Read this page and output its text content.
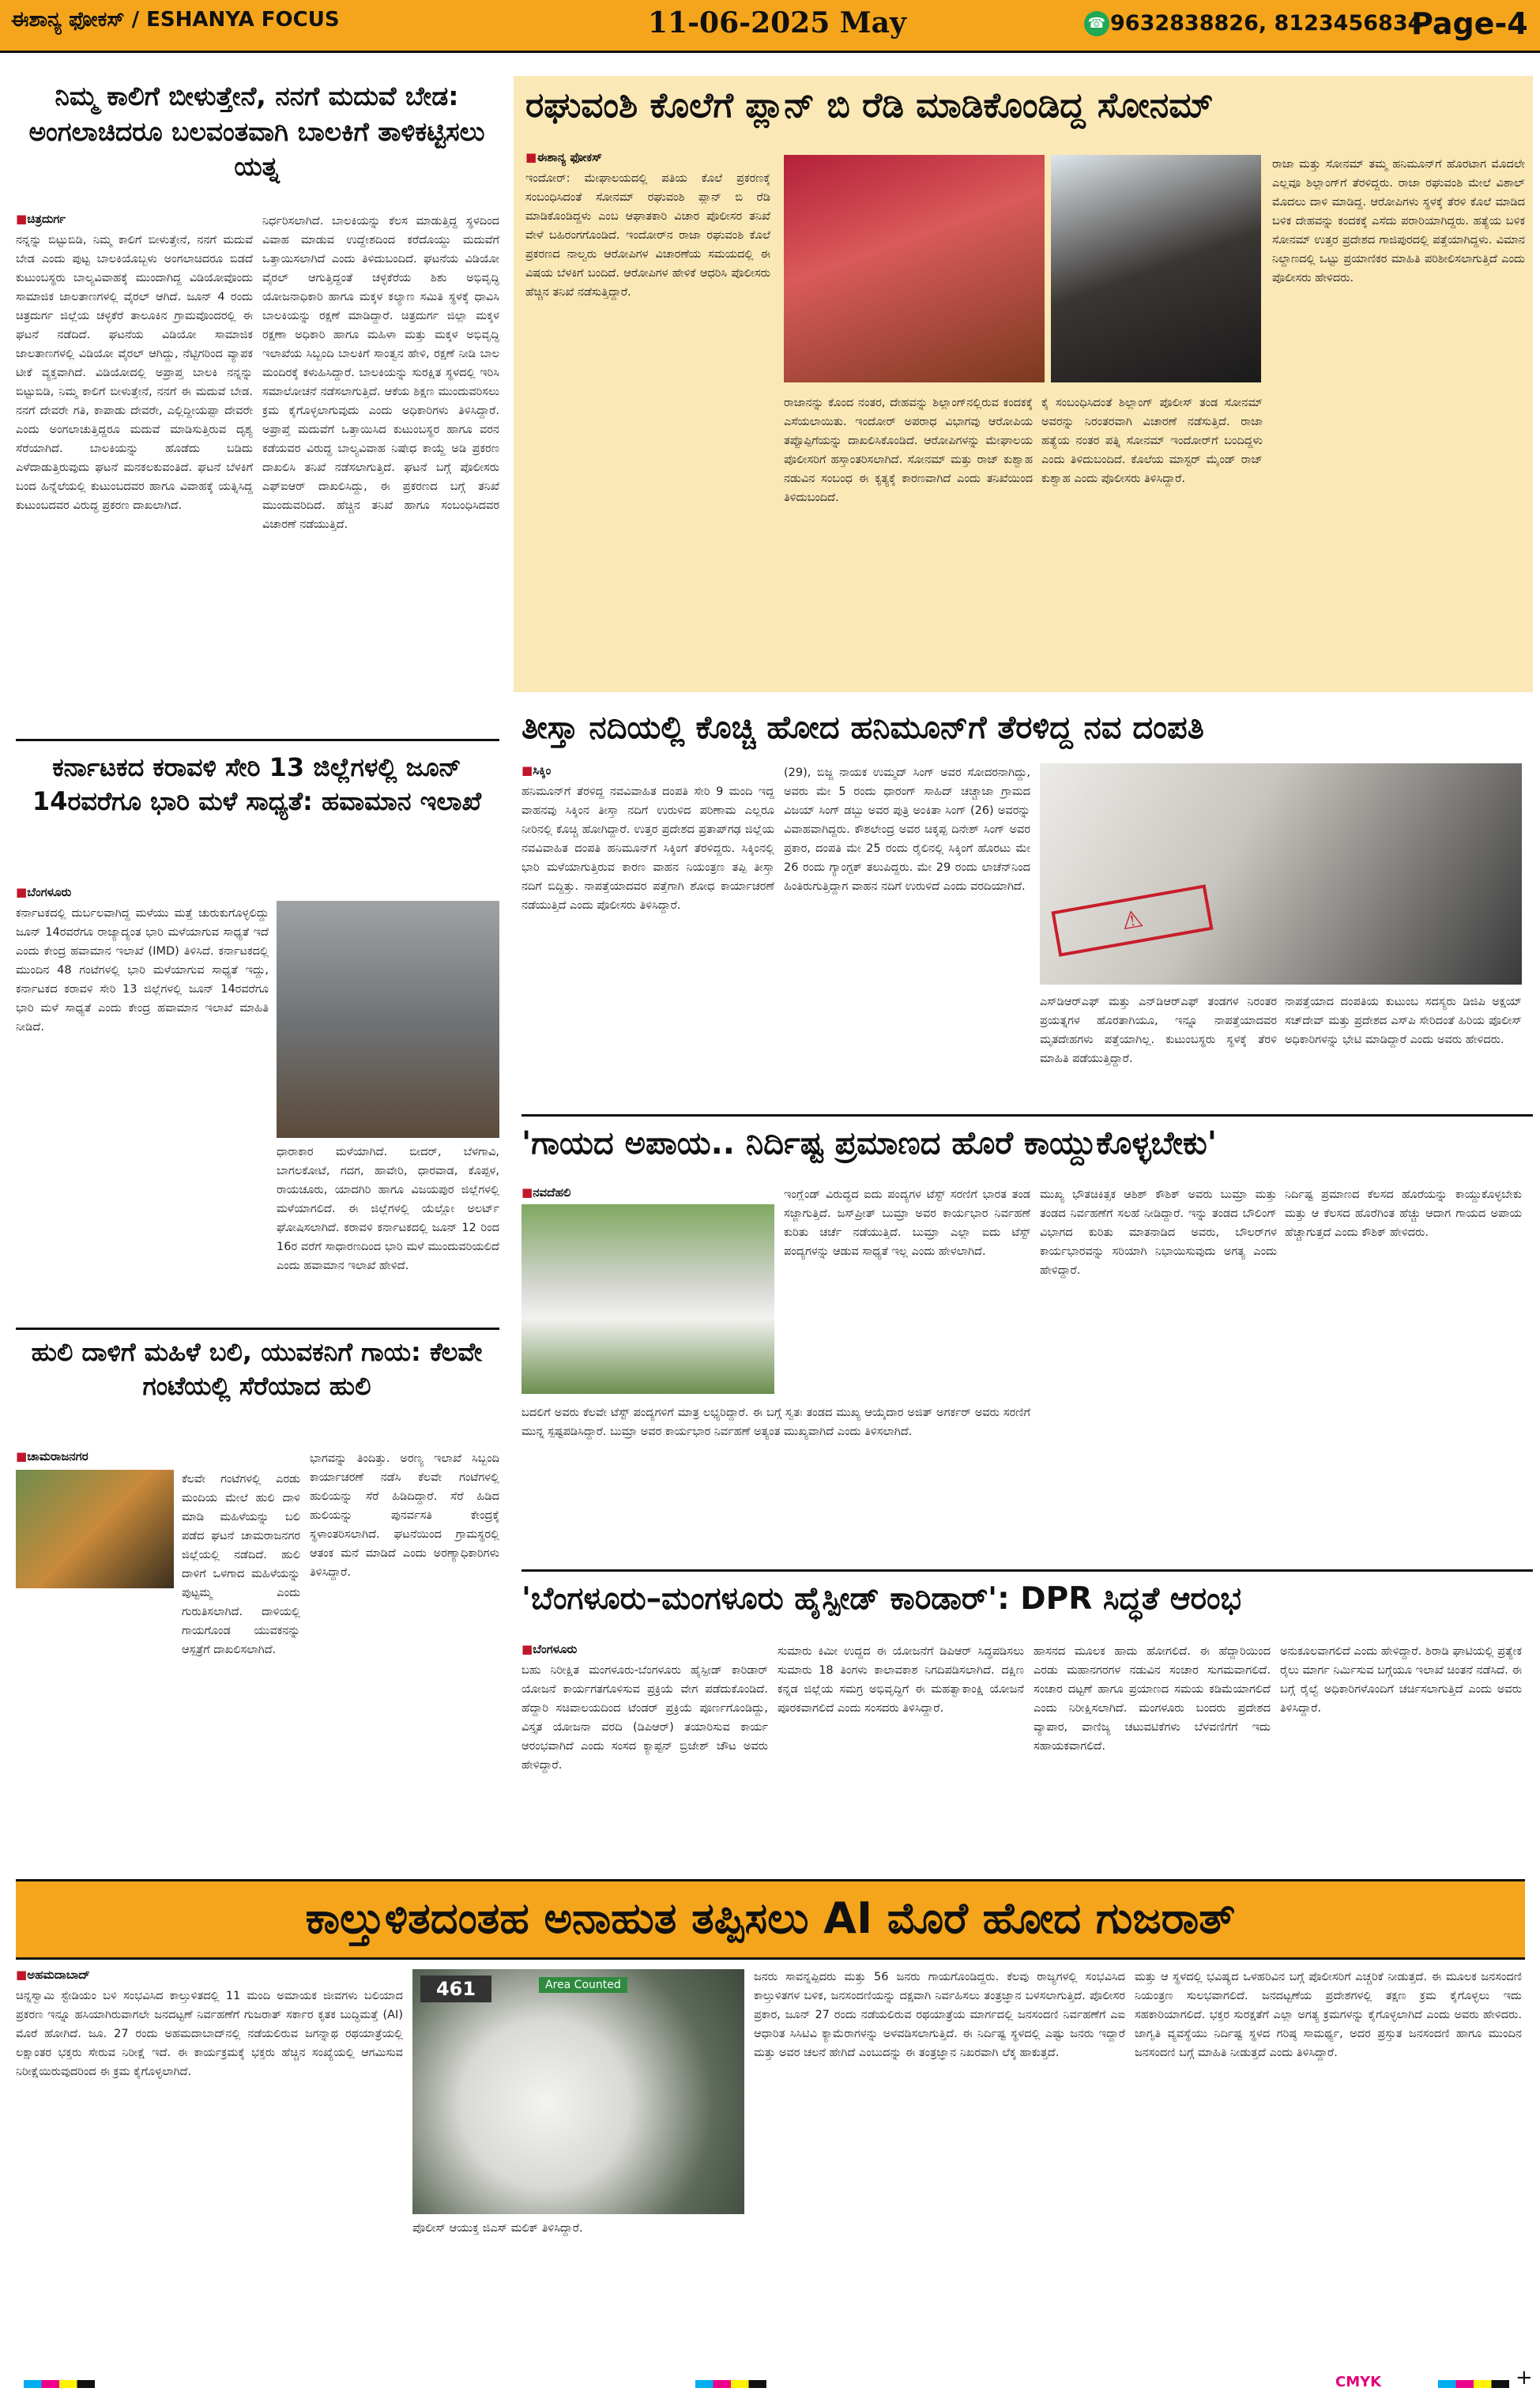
ಈಶಾನ್ಯ ಫೋಕಸ್ / ESHANYA FOCUS	11-06-2025 May	☎ 9632838826, 8123456834
Page-4
ನಿಮ್ಮ ಕಾಲಿಗೆ ಬೀಳುತ್ತೇನೆ, ನನಗೆ ಮದುವೆ ಬೇಡ: ಅಂಗಲಾಚಿದರೂ ಬಲವಂತವಾಗಿ ಬಾಲಕಿಗೆ ತಾಳಿಕಟ್ಟಿಸಲು ಯತ್ನ
■ ಚಿತ್ರದುರ್ಗ
ನನ್ನನ್ನು ಬಿಟ್ಟುಬಿಡಿ, ನಿಮ್ಮ ಕಾಲಿಗೆ ಬೀಳುತ್ತೇನೆ, ನನಗೆ ಮದುವೆ ಬೇಡ ಎಂದು ಪುಟ್ಟ ಬಾಲಕಿಯೊಬ್ಬಳು ಅಂಗಲಾಚಿದರೂ ಬಿಡದೆ ಕುಟುಂಬಸ್ಥರು ಬಾಲ್ಯವಿವಾಹಕ್ಕೆ ಮುಂದಾಗಿದ್ದ ವಿಡಿಯೋವೊಂದು ಸಾಮಾಜಿಕ ಜಾಲತಾಣಗಳಲ್ಲಿ ವೈರಲ್ ಆಗಿದೆ. ಜೂನ್ 4 ರಂದು ಚಿತ್ರದುರ್ಗ ಜಿಲ್ಲೆಯ ಚಳ್ಳಕೆರೆ ತಾಲೂಕಿನ ಗ್ರಾಮವೊಂದರಲ್ಲಿ ಈ ಘಟನೆ ನಡೆದಿದೆ. ಘಟನೆಯ ವಿಡಿಯೋ ಸಾಮಾಜಿಕ ಜಾಲತಾಣಗಳಲ್ಲಿ ವಿಡಿಯೋ ವೈರಲ್ ಆಗಿದ್ದು, ನೆಟ್ಟಿಗರಿಂದ ವ್ಯಾಪಕ ಟೀಕೆ ವ್ಯಕ್ತವಾಗಿದೆ. ವಿಡಿಯೋದಲ್ಲಿ ಅಪ್ರಾಪ್ತ ಬಾಲಕಿ ನನ್ನನ್ನು ಬಿಟ್ಟುಬಿಡಿ, ನಿಮ್ಮ ಕಾಲಿಗೆ ಬೀಳುತ್ತೇನೆ, ನನಗೆ ಈ ಮದುವೆ ಬೇಡ. ನನಗೆ ದೇವರೇ ಗತಿ, ಕಾಪಾಡು ದೇವರೇ, ಎಲ್ಲಿದ್ದೀಯಪ್ಪಾ ದೇವರೇ ಎಂದು ಅಂಗಲಾಚುತ್ತಿದ್ದರೂ ಮದುವೆ ಮಾಡಿಸುತ್ತಿರುವ ದೃಶ್ಯ ಸೆರೆಯಾಗಿದೆ. ಬಾಲಕಿಯನ್ನು ಹೊಡೆದು ಬಡಿದು ಎಳೆದಾಡುತ್ತಿರುವುದು ಘಟನೆ ಮನಕಲಕುವಂತಿದೆ. ಘಟನೆ ಬೆಳಕಿಗೆ ಬಂದ ಹಿನ್ನೆಲೆಯಲ್ಲಿ ಕುಟುಂಬದವರ ಹಾಗೂ ವಿವಾಹಕ್ಕೆ ಯತ್ನಿಸಿದ್ದ ಕುಟುಂಬದವರ ವಿರುದ್ಧ ಪ್ರಕರಣ ದಾಖಲಾಗಿದೆ.
ನಿರ್ಧರಿಸಲಾಗಿದೆ. ಬಾಲಕಿಯನ್ನು ಕೆಲಸ ಮಾಡುತ್ತಿದ್ದ ಸ್ಥಳದಿಂದ ವಿವಾಹ ಮಾಡುವ ಉದ್ದೇಶದಿಂದ ಕರೆದೊಯ್ದು ಮದುವೆಗೆ ಒತ್ತಾಯಿಸಲಾಗಿದೆ ಎಂದು ತಿಳಿದುಬಂದಿದೆ. ಘಟನೆಯ ವಿಡಿಯೋ ವೈರಲ್ ಆಗುತ್ತಿದ್ದಂತೆ ಚಳ್ಳಕೆರೆಯ ಶಿಶು ಅಭಿವೃದ್ಧಿ ಯೋಜನಾಧಿಕಾರಿ ಹಾಗೂ ಮಕ್ಕಳ ಕಲ್ಯಾಣ ಸಮಿತಿ ಸ್ಥಳಕ್ಕೆ ಧಾವಿಸಿ ಬಾಲಕಿಯನ್ನು ರಕ್ಷಣೆ ಮಾಡಿದ್ದಾರೆ. ಚಿತ್ರದುರ್ಗ ಜಿಲ್ಲಾ ಮಕ್ಕಳ ರಕ್ಷಣಾ ಅಧಿಕಾರಿ ಹಾಗೂ ಮಹಿಳಾ ಮತ್ತು ಮಕ್ಕಳ ಅಭಿವೃದ್ಧಿ ಇಲಾಖೆಯ ಸಿಬ್ಬಂದಿ ಬಾಲಕಿಗೆ ಸಾಂತ್ವನ ಹೇಳಿ, ರಕ್ಷಣೆ ನೀಡಿ ಬಾಲ ಮಂದಿರಕ್ಕೆ ಕಳುಹಿಸಿದ್ದಾರೆ. ಬಾಲಕಿಯನ್ನು ಸುರಕ್ಷಿತ ಸ್ಥಳದಲ್ಲಿ ಇರಿಸಿ ಸಮಾಲೋಚನೆ ನಡೆಸಲಾಗುತ್ತಿದೆ. ಆಕೆಯ ಶಿಕ್ಷಣ ಮುಂದುವರಿಸಲು ಕ್ರಮ ಕೈಗೊಳ್ಳಲಾಗುವುದು ಎಂದು ಅಧಿಕಾರಿಗಳು ತಿಳಿಸಿದ್ದಾರೆ. ಅಪ್ರಾಪ್ತೆ ಮದುವೆಗೆ ಒತ್ತಾಯಿಸಿದ ಕುಟುಂಬಸ್ಥರ ಹಾಗೂ ವರನ ಕಡೆಯವರ ವಿರುದ್ಧ ಬಾಲ್ಯವಿವಾಹ ನಿಷೇಧ ಕಾಯ್ದೆ ಅಡಿ ಪ್ರಕರಣ ದಾಖಲಿಸಿ ತನಿಖೆ ನಡೆಸಲಾಗುತ್ತಿದೆ. ಘಟನೆ ಬಗ್ಗೆ ಪೊಲೀಸರು ಎಫ್‌ಐಆರ್ ದಾಖಲಿಸಿದ್ದು, ಈ ಪ್ರಕರಣದ ಬಗ್ಗೆ ತನಿಖೆ ಮುಂದುವರಿದಿದೆ. ಹೆಚ್ಚಿನ ತನಿಖೆ ಹಾಗೂ ಸಂಬಂಧಿಸಿದವರ ವಿಚಾರಣೆ ನಡೆಯುತ್ತಿದೆ.
ರಘುವಂಶಿ ಕೊಲೆಗೆ ಪ್ಲಾನ್ ಬಿ ರೆಡಿ ಮಾಡಿಕೊಂಡಿದ್ದ ಸೋನಮ್
■ ಈಶಾನ್ಯ ಫೋಕಸ್
ಇಂದೋರ್: ಮೇಘಾಲಯದಲ್ಲಿ ಪತಿಯ ಕೊಲೆ ಪ್ರಕರಣಕ್ಕೆ ಸಂಬಂಧಿಸಿದಂತೆ ಸೋನಮ್ ರಘುವಂಶಿ ಪ್ಲಾನ್ ಬಿ ರೆಡಿ ಮಾಡಿಕೊಂಡಿದ್ದಳು ಎಂಬ ಆಘಾತಕಾರಿ ವಿಚಾರ ಪೊಲೀಸರ ತನಿಖೆ ವೇಳೆ ಬಹಿರಂಗಗೊಂಡಿದೆ. ಇಂದೋರ್‌ನ ರಾಜಾ ರಘುವಂಶಿ ಕೊಲೆ ಪ್ರಕರಣದ ನಾಲ್ವರು ಆರೋಪಿಗಳ ವಿಚಾರಣೆಯ ಸಮಯದಲ್ಲಿ ಈ ವಿಷಯ ಬೆಳಕಿಗೆ ಬಂದಿದೆ. ಆರೋಪಿಗಳ ಹೇಳಿಕೆ ಆಧರಿಸಿ ಪೊಲೀಸರು ಹೆಚ್ಚಿನ ತನಿಖೆ ನಡೆಸುತ್ತಿದ್ದಾರೆ.
ರಾಜಾನನ್ನು ಕೊಂದ ನಂತರ, ದೇಹವನ್ನು ಶಿಲ್ಲಾಂಗ್‌ನಲ್ಲಿರುವ ಕಂದಕಕ್ಕೆ ಎಸೆಯಲಾಯಿತು. ಇಂದೋರ್ ಅಪರಾಧ ವಿಭಾಗವು ಆರೋಪಿಯ ತಪ್ಪೊಪ್ಪಿಗೆಯನ್ನು ದಾಖಲಿಸಿಕೊಂಡಿದೆ. ಆರೋಪಿಗಳನ್ನು ಮೇಘಾಲಯ ಪೊಲೀಸರಿಗೆ ಹಸ್ತಾಂತರಿಸಲಾಗಿದೆ. ಸೋನಮ್ ಮತ್ತು ರಾಜ್ ಕುಶ್ವಾಹ ನಡುವಿನ ಸಂಬಂಧ ಈ ಕೃತ್ಯಕ್ಕೆ ಕಾರಣವಾಗಿದೆ ಎಂದು ತನಿಖೆಯಿಂದ ತಿಳಿದುಬಂದಿದೆ.
ಕೈ ಸಂಬಂಧಿಸಿದಂತೆ ಶಿಲ್ಲಾಂಗ್ ಪೊಲೀಸ್ ತಂಡ ಸೋನಮ್ ಅವರನ್ನು ನಿರಂತರವಾಗಿ ವಿಚಾರಣೆ ನಡೆಸುತ್ತಿದೆ. ರಾಜಾ ಹತ್ಯೆಯ ನಂತರ ಪತ್ನಿ ಸೋನಮ್ ಇಂದೋರ್‌ಗೆ ಬಂದಿದ್ದಳು ಎಂದು ತಿಳಿದುಬಂದಿದೆ. ಕೊಲೆಯ ಮಾಸ್ಟರ್ ಮೈಂಡ್ ರಾಜ್ ಕುಶ್ವಾಹ ಎಂದು ಪೊಲೀಸರು ತಿಳಿಸಿದ್ದಾರೆ.
ರಾಜಾ ಮತ್ತು ಸೋನಮ್ ತಮ್ಮ ಹನಿಮೂನ್‌ಗೆ ಹೊರಟಾಗ ಮೊದಲೇ ಎಲ್ಲವೂ ಶಿಲ್ಲಾಂಗ್‌ಗೆ ತೆರಳಿದ್ದರು. ರಾಜಾ ರಘುವಂಶಿ ಮೇಲೆ ವಿಶಾಲ್ ಮೊದಲು ದಾಳಿ ಮಾಡಿದ್ದ. ಆರೋಪಿಗಳು ಸ್ಥಳಕ್ಕೆ ತೆರಳಿ ಕೊಲೆ ಮಾಡಿದ ಬಳಿಕ ದೇಹವನ್ನು ಕಂದಕಕ್ಕೆ ಎಸೆದು ಪರಾರಿಯಾಗಿದ್ದರು. ಹತ್ಯೆಯ ಬಳಿಕ ಸೋನಮ್ ಉತ್ತರ ಪ್ರದೇಶದ ಗಾಜಿಪುರದಲ್ಲಿ ಪತ್ತೆಯಾಗಿದ್ದಳು. ವಿಮಾನ ನಿಲ್ದಾಣದಲ್ಲಿ ಒಟ್ಟು ಪ್ರಯಾಣಿಕರ ಮಾಹಿತಿ ಪರಿಶೀಲಿಸಲಾಗುತ್ತಿದೆ ಎಂದು ಪೊಲೀಸರು ಹೇಳಿದರು.
ಕರ್ನಾಟಕದ ಕರಾವಳಿ ಸೇರಿ 13 ಜಿಲ್ಲೆಗಳಲ್ಲಿ ಜೂನ್ 14ರವರೆಗೂ ಭಾರಿ ಮಳೆ ಸಾಧ್ಯತೆ: ಹವಾಮಾನ ಇಲಾಖೆ
■ ಬೆಂಗಳೂರು
ಕರ್ನಾಟಕದಲ್ಲಿ ದುರ್ಬಲವಾಗಿದ್ದ ಮಳೆಯು ಮತ್ತೆ ಚುರುಕುಗೊಳ್ಳಲಿದ್ದು ಜೂನ್ 14ರವರೆಗೂ ರಾಜ್ಯಾದ್ಯಂತ ಭಾರಿ ಮಳೆಯಾಗುವ ಸಾಧ್ಯತೆ ಇದೆ ಎಂದು ಕೇಂದ್ರ ಹವಾಮಾನ ಇಲಾಖೆ (IMD) ತಿಳಿಸಿದೆ. ಕರ್ನಾಟಕದಲ್ಲಿ ಮುಂದಿನ 48 ಗಂಟೆಗಳಲ್ಲಿ ಭಾರಿ ಮಳೆಯಾಗುವ ಸಾಧ್ಯತೆ ಇದ್ದು, ಕರ್ನಾಟಕದ ಕರಾವಳಿ ಸೇರಿ 13 ಜಿಲ್ಲೆಗಳಲ್ಲಿ ಜೂನ್ 14ರವರೆಗೂ ಭಾರಿ ಮಳೆ ಸಾಧ್ಯತೆ ಎಂದು ಕೇಂದ್ರ ಹವಾಮಾನ ಇಲಾಖೆ ಮಾಹಿತಿ ನೀಡಿದೆ.
ಧಾರಾಕಾರ ಮಳೆಯಾಗಿದೆ. ಬೀದರ್, ಬೆಳಗಾವಿ, ಬಾಗಲಕೋಟೆ, ಗದಗ, ಹಾವೇರಿ, ಧಾರವಾಡ, ಕೊಪ್ಪಳ, ರಾಯಚೂರು, ಯಾದಗಿರಿ ಹಾಗೂ ವಿಜಯಪುರ ಜಿಲ್ಲೆಗಳಲ್ಲಿ ಮಳೆಯಾಗಲಿದೆ. ಈ ಜಿಲ್ಲೆಗಳಲ್ಲಿ ಯೆಲ್ಲೋ ಅಲರ್ಟ್ ಘೋಷಿಸಲಾಗಿದೆ. ಕರಾವಳಿ ಕರ್ನಾಟಕದಲ್ಲಿ ಜೂನ್ 12 ರಿಂದ 16ರ ವರೆಗೆ ಸಾಧಾರಣದಿಂದ ಭಾರಿ ಮಳೆ ಮುಂದುವರಿಯಲಿದೆ ಎಂದು ಹವಾಮಾನ ಇಲಾಖೆ ಹೇಳಿದೆ.
ತೀಸ್ತಾ ನದಿಯಲ್ಲಿ ಕೊಚ್ಚಿ ಹೋದ ಹನಿಮೂನ್‌ಗೆ ತೆರಳಿದ್ದ ನವ ದಂಪತಿ
■ ಸಿಕ್ಕಿಂ
ಹನಿಮೂನ್‌ಗೆ ತೆರಳಿದ್ದ ನವವಿವಾಹಿತ ದಂಪತಿ ಸೇರಿ 9 ಮಂದಿ ಇದ್ದ ವಾಹನವು ಸಿಕ್ಕಿಂನ ತೀಸ್ತಾ ನದಿಗೆ ಉರುಳಿದ ಪರಿಣಾಮ ಎಲ್ಲರೂ ನೀರಿನಲ್ಲಿ ಕೊಚ್ಚಿ ಹೋಗಿದ್ದಾರೆ. ಉತ್ತರ ಪ್ರದೇಶದ ಪ್ರತಾಪ್‌ಗಢ ಜಿಲ್ಲೆಯ ನವವಿವಾಹಿತ ದಂಪತಿ ಹನಿಮೂನ್‌ಗೆ ಸಿಕ್ಕಿಂಗೆ ತೆರಳಿದ್ದರು. ಸಿಕ್ಕಿಂನಲ್ಲಿ ಭಾರಿ ಮಳೆಯಾಗುತ್ತಿರುವ ಕಾರಣ ವಾಹನ ನಿಯಂತ್ರಣ ತಪ್ಪಿ ತೀಸ್ತಾ ನದಿಗೆ ಬಿದ್ದಿತ್ತು. ನಾಪತ್ತೆಯಾದವರ ಪತ್ತೆಗಾಗಿ ಶೋಧ ಕಾರ್ಯಾಚರಣೆ ನಡೆಯುತ್ತಿದೆ ಎಂದು ಪೊಲೀಸರು ತಿಳಿಸಿದ್ದಾರೆ.
(29), ಬಿಜ್ಜ ನಾಯಕ ಉಮ್ಮದ್ ಸಿಂಗ್ ಅವರ ಸೋದರನಾಗಿದ್ದು, ಅವರು ಮೇ 5 ರಂದು ಧಾರಂಗ್ ಸಾಹಿದ್ ಚಚ್ಚಾಜಾ ಗ್ರಾಮದ ವಿಜಯ್ ಸಿಂಗ್ ಡಬ್ಬು ಅವರ ಪುತ್ರಿ ಅಂಕಿತಾ ಸಿಂಗ್ (26) ಅವರನ್ನು ವಿವಾಹವಾಗಿದ್ದರು. ಕೌಶಲೇಂದ್ರ ಅವರ ಚಿಕ್ಕಪ್ಪ ದಿನೇಶ್ ಸಿಂಗ್ ಅವರ ಪ್ರಕಾರ, ದಂಪತಿ ಮೇ 25 ರಂದು ರೈಲಿನಲ್ಲಿ ಸಿಕ್ಕಿಂಗೆ ಹೊರಟು ಮೇ 26 ರಂದು ಗ್ಯಾಂಗ್ಟಕ್ ತಲುಪಿದ್ದರು. ಮೇ 29 ರಂದು ಲಾಚೆನ್‌ನಿಂದ ಹಿಂತಿರುಗುತ್ತಿದ್ದಾಗ ವಾಹನ ನದಿಗೆ ಉರುಳಿದೆ ಎಂದು ವರದಿಯಾಗಿದೆ.
⚠
ಎಸ್‌ಡಿಆರ್‌ಎಫ್ ಮತ್ತು ಎನ್‌ಡಿಆರ್‌ಎಫ್ ತಂಡಗಳ ನಿರಂತರ ಪ್ರಯತ್ನಗಳ ಹೊರತಾಗಿಯೂ, ಇನ್ನೂ ನಾಪತ್ತೆಯಾದವರ ಮೃತದೇಹಗಳು ಪತ್ತೆಯಾಗಿಲ್ಲ. ಕುಟುಂಬಸ್ಥರು ಸ್ಥಳಕ್ಕೆ ತೆರಳಿ ಮಾಹಿತಿ ಪಡೆಯುತ್ತಿದ್ದಾರೆ.
ನಾಪತ್ತೆಯಾದ ದಂಪತಿಯ ಕುಟುಂಬ ಸದಸ್ಯರು ಡಿಜಿಪಿ ಅಕ್ಷಯ್ ಸಚ್‌ದೇವ್ ಮತ್ತು ಪ್ರದೇಶದ ಎಸ್‌ಪಿ ಸೇರಿದಂತೆ ಹಿರಿಯ ಪೊಲೀಸ್ ಅಧಿಕಾರಿಗಳನ್ನು ಭೇಟಿ ಮಾಡಿದ್ದಾರೆ ಎಂದು ಅವರು ಹೇಳಿದರು.
'ಗಾಯದ ಅಪಾಯ.. ನಿರ್ದಿಷ್ಟ ಪ್ರಮಾಣದ ಹೊರೆ ಕಾಯ್ದುಕೊಳ್ಳಬೇಕು'
■ ನವದೆಹಲಿ	ಇಂಗ್ಲೆಂಡ್ ವಿರುದ್ಧದ ಐದು ಪಂದ್ಯಗಳ ಟೆಸ್ಟ್ ಸರಣಿಗೆ ಭಾರತ ತಂಡ ಸಜ್ಜಾಗುತ್ತಿದೆ. ಜಸ್‌ಪ್ರೀತ್ ಬುಮ್ರಾ ಅವರ ಕಾರ್ಯಭಾರ ನಿರ್ವಹಣೆ ಕುರಿತು ಚರ್ಚೆ ನಡೆಯುತ್ತಿದೆ. ಬುಮ್ರಾ ಎಲ್ಲಾ ಐದು ಟೆಸ್ಟ್ ಪಂದ್ಯಗಳನ್ನು ಆಡುವ ಸಾಧ್ಯತೆ ಇಲ್ಲ ಎಂದು ಹೇಳಲಾಗಿದೆ.
ಬದಲಿಗೆ ಅವರು ಕೆಲವೇ ಟೆಸ್ಟ್ ಪಂದ್ಯಗಳಿಗೆ ಮಾತ್ರ ಲಭ್ಯರಿದ್ದಾರೆ. ಈ ಬಗ್ಗೆ ಸ್ವತಃ ತಂಡದ ಮುಖ್ಯ ಆಯ್ಕೆದಾರ ಅಜಿತ್ ಅಗರ್ಕರ್ ಅವರು ಸರಣಿಗೆ ಮುನ್ನ ಸ್ಪಷ್ಟಪಡಿಸಿದ್ದಾರೆ. ಬುಮ್ರಾ ಅವರ ಕಾರ್ಯಭಾರ ನಿರ್ವಹಣೆ ಅತ್ಯಂತ ಮುಖ್ಯವಾಗಿದೆ ಎಂದು ತಿಳಿಸಲಾಗಿದೆ.
ಮುಖ್ಯ ಭೌತಚಿಕಿತ್ಸಕ ಆಶಿಶ್ ಕೌಶಿಕ್ ಅವರು ಬುಮ್ರಾ ಮತ್ತು ತಂಡದ ನಿರ್ವಹಣೆಗೆ ಸಲಹೆ ನೀಡಿದ್ದಾರೆ. ಇನ್ನು ತಂಡದ ಬೌಲಿಂಗ್ ವಿಭಾಗದ ಕುರಿತು ಮಾತನಾಡಿದ ಅವರು, ಬೌಲರ್‌ಗಳ ಕಾರ್ಯಭಾರವನ್ನು ಸರಿಯಾಗಿ ನಿಭಾಯಿಸುವುದು ಅಗತ್ಯ ಎಂದು ಹೇಳಿದ್ದಾರೆ.
ನಿರ್ದಿಷ್ಟ ಪ್ರಮಾಣದ ಕೆಲಸದ ಹೊರೆಯನ್ನು ಕಾಯ್ದುಕೊಳ್ಳಬೇಕು ಮತ್ತು ಆ ಕೆಲಸದ ಹೊರೆಗಿಂತ ಹೆಚ್ಚು ಆದಾಗ ಗಾಯದ ಅಪಾಯ ಹೆಚ್ಚಾಗುತ್ತದೆ ಎಂದು ಕೌಶಿಕ್ ಹೇಳಿದರು.
ಹುಲಿ ದಾಳಿಗೆ ಮಹಿಳೆ ಬಲಿ, ಯುವಕನಿಗೆ ಗಾಯ: ಕೆಲವೇ ಗಂಟೆಯಲ್ಲಿ ಸೆರೆಯಾದ ಹುಲಿ
■ ಚಾಮರಾಜನಗರ
ಕೆಲವೇ ಗಂಟೆಗಳಲ್ಲಿ ಎರಡು ಮಂದಿಯ ಮೇಲೆ ಹುಲಿ ದಾಳಿ ಮಾಡಿ ಮಹಿಳೆಯನ್ನು ಬಲಿ ಪಡೆದ ಘಟನೆ ಚಾಮರಾಜನಗರ ಜಿಲ್ಲೆಯಲ್ಲಿ ನಡೆದಿದೆ. ಹುಲಿ ದಾಳಿಗೆ ಒಳಗಾದ ಮಹಿಳೆಯನ್ನು ಪುಟ್ಟಮ್ಮ ಎಂದು ಗುರುತಿಸಲಾಗಿದೆ. ದಾಳಿಯಲ್ಲಿ ಗಾಯಗೊಂಡ ಯುವಕನನ್ನು ಆಸ್ಪತ್ರೆಗೆ ದಾಖಲಿಸಲಾಗಿದೆ.
ಭಾಗವನ್ನು ತಿಂದಿತ್ತು. ಅರಣ್ಯ ಇಲಾಖೆ ಸಿಬ್ಬಂದಿ ಕಾರ್ಯಾಚರಣೆ ನಡೆಸಿ ಕೆಲವೇ ಗಂಟೆಗಳಲ್ಲಿ ಹುಲಿಯನ್ನು ಸೆರೆ ಹಿಡಿದಿದ್ದಾರೆ. ಸೆರೆ ಹಿಡಿದ ಹುಲಿಯನ್ನು ಪುನರ್ವಸತಿ ಕೇಂದ್ರಕ್ಕೆ ಸ್ಥಳಾಂತರಿಸಲಾಗಿದೆ. ಘಟನೆಯಿಂದ ಗ್ರಾಮಸ್ಥರಲ್ಲಿ ಆತಂಕ ಮನೆ ಮಾಡಿದೆ ಎಂದು ಅರಣ್ಯಾಧಿಕಾರಿಗಳು ತಿಳಿಸಿದ್ದಾರೆ.
'ಬೆಂಗಳೂರು–ಮಂಗಳೂರು ಹೈಸ್ಪೀಡ್ ಕಾರಿಡಾರ್': DPR ಸಿದ್ಧತೆ ಆರಂಭ
■ ಬೆಂಗಳೂರು
ಬಹು ನಿರೀಕ್ಷಿತ ಮಂಗಳೂರು-ಬೆಂಗಳೂರು ಹೈಸ್ಪೀಡ್ ಕಾರಿಡಾರ್ ಯೋಜನೆ ಕಾರ್ಯಗತಗೊಳಿಸುವ ಪ್ರಕ್ರಿಯೆ ವೇಗ ಪಡೆದುಕೊಂಡಿದೆ. ಹೆದ್ದಾರಿ ಸಚಿವಾಲಯದಿಂದ ಟೆಂಡರ್ ಪ್ರಕ್ರಿಯೆ ಪೂರ್ಣಗೊಂಡಿದ್ದು, ವಿಸ್ತೃತ ಯೋಜನಾ ವರದಿ (ಡಿಪಿಆರ್) ತಯಾರಿಸುವ ಕಾರ್ಯ ಆರಂಭವಾಗಿದೆ ಎಂದು ಸಂಸದ ಕ್ಯಾಪ್ಟನ್ ಬ್ರಿಜೇಶ್ ಚೌಟ ಅವರು ಹೇಳಿದ್ದಾರೆ.
ಸುಮಾರು ಕಿಮೀ ಉದ್ದದ ಈ ಯೋಜನೆಗೆ ಡಿಪಿಆರ್ ಸಿದ್ಧಪಡಿಸಲು ಸುಮಾರು 18 ತಿಂಗಳು ಕಾಲಾವಕಾಶ ನಿಗದಿಪಡಿಸಲಾಗಿದೆ. ದಕ್ಷಿಣ ಕನ್ನಡ ಜಿಲ್ಲೆಯ ಸಮಗ್ರ ಅಭಿವೃದ್ಧಿಗೆ ಈ ಮಹತ್ವಾಕಾಂಕ್ಷಿ ಯೋಜನೆ ಪೂರಕವಾಗಲಿದೆ ಎಂದು ಸಂಸದರು ತಿಳಿಸಿದ್ದಾರೆ.
ಹಾಸನದ ಮೂಲಕ ಹಾದು ಹೋಗಲಿದೆ. ಈ ಹೆದ್ದಾರಿಯಿಂದ ಎರಡು ಮಹಾನಗರಗಳ ನಡುವಿನ ಸಂಚಾರ ಸುಗಮವಾಗಲಿದೆ. ಸಂಚಾರ ದಟ್ಟಣೆ ಹಾಗೂ ಪ್ರಯಾಣದ ಸಮಯ ಕಡಿಮೆಯಾಗಲಿದೆ ಎಂದು ನಿರೀಕ್ಷಿಸಲಾಗಿದೆ. ಮಂಗಳೂರು ಬಂದರು ಪ್ರದೇಶದ ವ್ಯಾಪಾರ, ವಾಣಿಜ್ಯ ಚಟುವಟಿಕೆಗಳು ಬೆಳವಣಿಗೆಗೆ ಇದು ಸಹಾಯಕವಾಗಲಿದೆ.
ಅನುಕೂಲವಾಗಲಿದೆ ಎಂದು ಹೇಳಿದ್ದಾರೆ. ಶಿರಾಡಿ ಘಾಟಿಯಲ್ಲಿ ಪ್ರತ್ಯೇಕ ರೈಲು ಮಾರ್ಗ ನಿರ್ಮಿಸುವ ಬಗ್ಗೆಯೂ ಇಲಾಖೆ ಚಿಂತನೆ ನಡೆಸಿದೆ. ಈ ಬಗ್ಗೆ ರೈಲ್ವೆ ಅಧಿಕಾರಿಗಳೊಂದಿಗೆ ಚರ್ಚಿಸಲಾಗುತ್ತಿದೆ ಎಂದು ಅವರು ತಿಳಿಸಿದ್ದಾರೆ.
ಕಾಲ್ತುಳಿತದಂತಹ ಅನಾಹುತ ತಪ್ಪಿಸಲು AI ಮೊರೆ ಹೋದ ಗುಜರಾತ್
■ ಅಹಮದಾಬಾದ್
ಚಿನ್ನಸ್ವಾಮಿ ಸ್ಟೇಡಿಯಂ ಬಳಿ ಸಂಭವಿಸಿದ ಕಾಲ್ತುಳಿತದಲ್ಲಿ 11 ಮಂದಿ ಅಮಾಯಕ ಜೀವಗಳು ಬಲಿಯಾದ ಪ್ರಕರಣ ಇನ್ನೂ ಹಸಿಯಾಗಿರುವಾಗಲೇ ಜನದಟ್ಟಣೆ ನಿರ್ವಹಣೆಗೆ ಗುಜರಾತ್ ಸರ್ಕಾರ ಕೃತಕ ಬುದ್ಧಿಮತ್ತೆ (AI) ಮೊರೆ ಹೋಗಿದೆ. ಜೂ. 27 ರಂದು ಅಹಮದಾಬಾದ್‌ನಲ್ಲಿ ನಡೆಯಲಿರುವ ಜಗನ್ನಾಥ ರಥಯಾತ್ರೆಯಲ್ಲಿ ಲಕ್ಷಾಂತರ ಭಕ್ತರು ಸೇರುವ ನಿರೀಕ್ಷೆ ಇದೆ. ಈ ಕಾರ್ಯಕ್ರಮಕ್ಕೆ ಭಕ್ತರು ಹೆಚ್ಚಿನ ಸಂಖ್ಯೆಯಲ್ಲಿ ಆಗಮಿಸುವ ನಿರೀಕ್ಷೆಯಿರುವುದರಿಂದ ಈ ಕ್ರಮ ಕೈಗೊಳ್ಳಲಾಗಿದೆ.
461	Area Counted
ಪೊಲೀಸ್ ಆಯುಕ್ತ ಜಿಎಸ್ ಮಲಿಕ್ ತಿಳಿಸಿದ್ದಾರೆ.
ಜನರು ಸಾವನ್ನಪ್ಪಿದರು ಮತ್ತು 56 ಜನರು ಗಾಯಗೊಂಡಿದ್ದರು. ಕೆಲವು ರಾಜ್ಯಗಳಲ್ಲಿ ಸಂಭವಿಸಿದ ಕಾಲ್ತುಳಿತಗಳ ಬಳಿಕ, ಜನಸಂದಣಿಯನ್ನು ದಕ್ಷವಾಗಿ ನಿರ್ವಹಿಸಲು ತಂತ್ರಜ್ಞಾನ ಬಳಸಲಾಗುತ್ತಿದೆ. ಪೊಲೀಸರ ಪ್ರಕಾರ, ಜೂನ್ 27 ರಂದು ನಡೆಯಲಿರುವ ರಥಯಾತ್ರೆಯ ಮಾರ್ಗದಲ್ಲಿ ಜನಸಂದಣಿ ನಿರ್ವಹಣೆಗೆ ಎಐ ಆಧಾರಿತ ಸಿಸಿಟಿವಿ ಕ್ಯಾಮೆರಾಗಳನ್ನು ಅಳವಡಿಸಲಾಗುತ್ತಿದೆ. ಈ ನಿರ್ದಿಷ್ಟ ಸ್ಥಳದಲ್ಲಿ ಎಷ್ಟು ಜನರು ಇದ್ದಾರೆ ಮತ್ತು ಅವರ ಚಲನೆ ಹೇಗಿದೆ ಎಂಬುದನ್ನು ಈ ತಂತ್ರಜ್ಞಾನ ನಿಖರವಾಗಿ ಲೆಕ್ಕ ಹಾಕುತ್ತದೆ.
ಮತ್ತು ಆ ಸ್ಥಳದಲ್ಲಿ ಭವಿಷ್ಯದ ಒಳಹರಿವಿನ ಬಗ್ಗೆ ಪೊಲೀಸರಿಗೆ ಎಚ್ಚರಿಕೆ ನೀಡುತ್ತದೆ. ಈ ಮೂಲಕ ಜನಸಂದಣಿ ನಿಯಂತ್ರಣ ಸುಲಭವಾಗಲಿದೆ. ಜನದಟ್ಟಣೆಯ ಪ್ರದೇಶಗಳಲ್ಲಿ ತಕ್ಷಣ ಕ್ರಮ ಕೈಗೊಳ್ಳಲು ಇದು ಸಹಕಾರಿಯಾಗಲಿದೆ. ಭಕ್ತರ ಸುರಕ್ಷತೆಗೆ ಎಲ್ಲಾ ಅಗತ್ಯ ಕ್ರಮಗಳನ್ನು ಕೈಗೊಳ್ಳಲಾಗಿದೆ ಎಂದು ಅವರು ಹೇಳಿದರು. ಜಾಗೃತಿ ವ್ಯವಸ್ಥೆಯು ನಿರ್ದಿಷ್ಟ ಸ್ಥಳದ ಗರಿಷ್ಠ ಸಾಮರ್ಥ್ಯ, ಅದರ ಪ್ರಸ್ತುತ ಜನಸಂದಣಿ ಹಾಗೂ ಮುಂದಿನ ಜನಸಂದಣಿ ಬಗ್ಗೆ ಮಾಹಿತಿ ನೀಡುತ್ತದೆ ಎಂದು ತಿಳಿಸಿದ್ದಾರೆ.
CMYK	+
